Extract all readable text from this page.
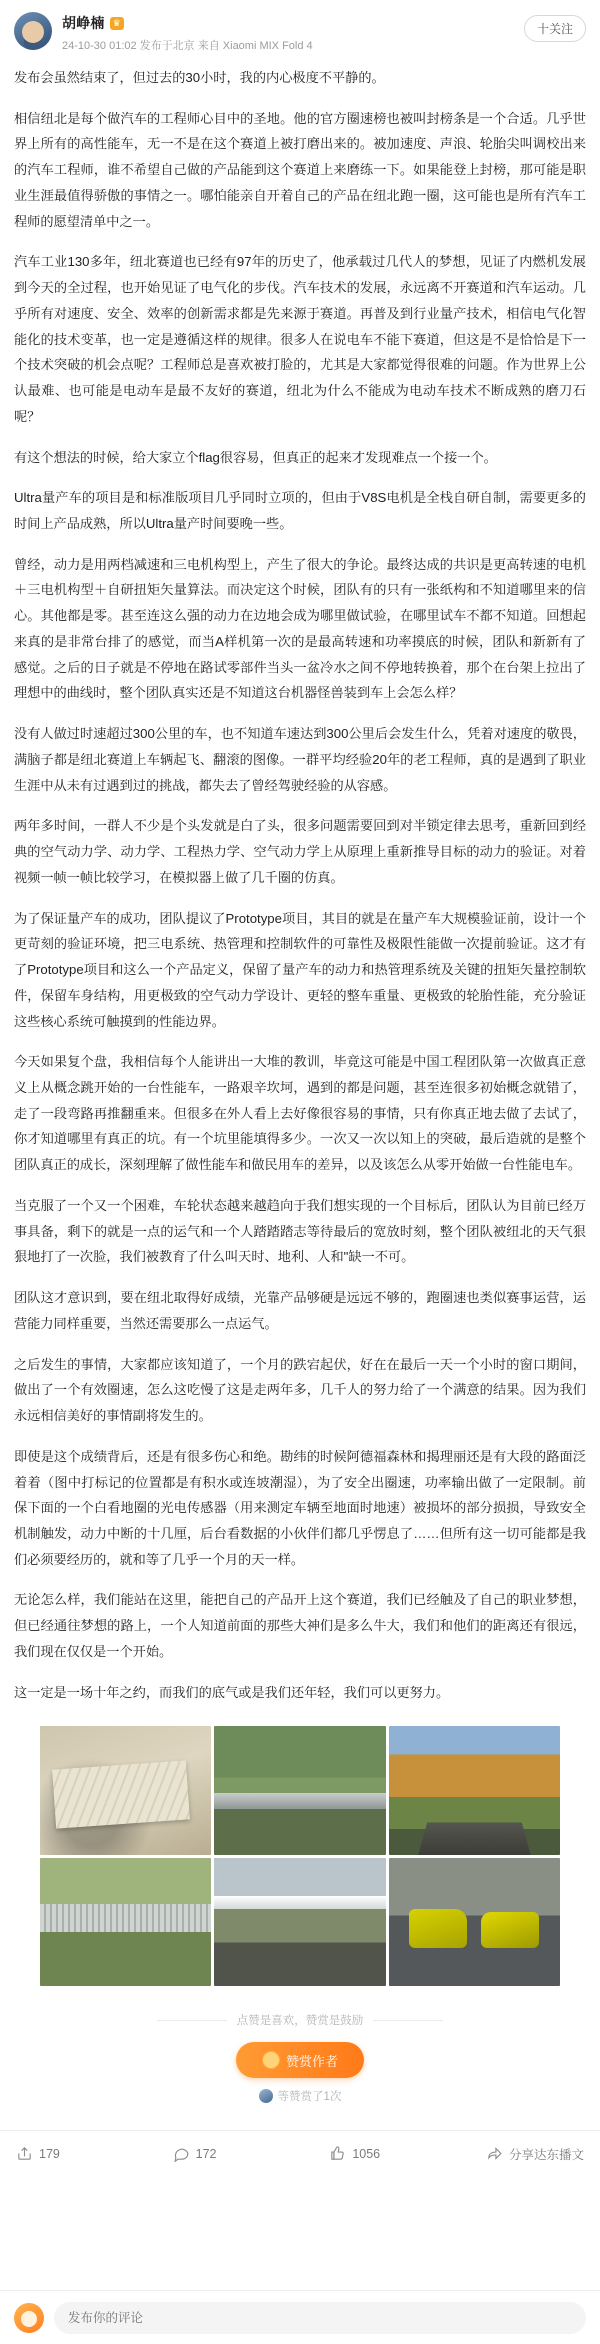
胡峥楠 ♛
24-10-30 01:02 发布于北京 来自 Xiaomi MIX Fold 4
十关注

发布会虽然结束了，但过去的30小时，我的内心极度不平静的。

相信纽北是每个做汽车的工程师心目中的圣地。他的官方圈速榜也被叫封榜条是一个合适。几乎世界上所有的高性能车，无一不是在这个赛道上被打磨出来的。被加速度、声浪、轮胎尖叫调校出来的汽车工程师，谁不希望自己做的产品能到这个赛道上来磨练一下。如果能登上封榜，那可能是职业生涯最值得骄傲的事情之一。哪怕能亲自开着自己的产品在纽北跑一圈，这可能也是所有汽车工程师的愿望清单中之一。

汽车工业130多年，纽北赛道也已经有97年的历史了，他承载过几代人的梦想，见证了内燃机发展到今天的全过程，也开始见证了电气化的步伐。汽车技术的发展，永远离不开赛道和汽车运动。几乎所有对速度、安全、效率的创新需求都是先来源于赛道。再普及到行业量产技术，相信电气化智能化的技术变革，也一定是遵循这样的规律。很多人在说电车不能下赛道，但这是不是恰恰是下一个技术突破的机会点呢？工程师总是喜欢被打脸的，尤其是大家都觉得很难的问题。作为世界上公认最难、也可能是电动车是最不友好的赛道，纽北为什么不能成为电动车技术不断成熟的磨刀石呢？

有这个想法的时候，给大家立个flag很容易，但真正的起来才发现难点一个接一个。

Ultra量产车的项目是和标准版项目几乎同时立项的，但由于V8S电机是全栈自研自制，需要更多的时间上产品成熟，所以Ultra量产时间要晚一些。

曾经，动力是用两档减速和三电机构型上，产生了很大的争论。最终达成的共识是更高转速的电机＋三电机构型＋自研扭矩矢量算法。而决定这个时候，团队有的只有一张纸构和不知道哪里来的信心。其他都是零。甚至连这么强的动力在边地会成为哪里做试验，在哪里试车不都不知道。回想起来真的是非常台排了的感觉，而当A样机第一次的是最高转速和功率摸底的时候，团队和新新有了感觉。之后的日子就是不停地在路试零部件当头一盆冷水之间不停地转换着，那个在台架上拉出了理想中的曲线时，整个团队真实还是不知道这台机器怪兽装到车上会怎么样？

没有人做过时速超过300公里的车，也不知道车速达到300公里后会发生什么，凭着对速度的敬畏，满脑子都是纽北赛道上车辆起飞、翻滚的图像。一群平均经验20年的老工程师，真的是遇到了职业生涯中从未有过遇到过的挑战，都失去了曾经驾驶经验的从容感。

两年多时间，一群人不少是个头发就是白了头，很多问题需要回到对半锁定律去思考，重新回到经典的空气动力学、动力学、工程热力学、空气动力学上从原理上重新推导目标的动力的验证。对着视频一帧一帧比较学习，在模拟器上做了几千圈的仿真。

为了保证量产车的成功，团队提议了Prototype项目，其目的就是在量产车大规模验证前，设计一个更苛刻的验证环境，把三电系统、热管理和控制软件的可靠性及极限性能做一次提前验证。这才有了Prototype项目和这么一个产品定义，保留了量产车的动力和热管理系统及关键的扭矩矢量控制软件，保留车身结构，用更极致的空气动力学设计、更轻的整车重量、更极致的轮胎性能，充分验证这些核心系统可触摸到的性能边界。

今天如果复个盘，我相信每个人能讲出一大堆的教训，毕竟这可能是中国工程团队第一次做真正意义上从概念跳开始的一台性能车，一路艰辛坎坷，遇到的都是问题，甚至连很多初始概念就错了，走了一段弯路再推翻重来。但很多在外人看上去好像很容易的事情，只有你真正地去做了去试了，你才知道哪里有真正的坑。有一个坑里能填得多少。一次又一次以知上的突破，最后造就的是整个团队真正的成长，深刻理解了做性能车和做民用车的差异，以及该怎么从零开始做一台性能电车。

当克服了一个又一个困难，车轮状态越来越趋向于我们想实现的一个目标后，团队认为目前已经万事具备，剩下的就是一点的运气和一个人踏踏踏志等待最后的宽放时刻，整个团队被纽北的天气狠狠地打了一次脸，我们被教育了什么叫天时、地利、人和"缺一不可。

团队这才意识到，要在纽北取得好成绩，光靠产品够硬是远远不够的，跑圈速也类似赛事运营，运营能力同样重要，当然还需要那么一点运气。

之后发生的事情，大家都应该知道了，一个月的跌宕起伏，好在在最后一天一个小时的窗口期间，做出了一个有效圈速，怎么这吃慢了这是走两年多，几千人的努力给了一个满意的结果。因为我们永远相信美好的事情副将发生的。

即使是这个成绩背后，还是有很多伤心和绝。勘纬的时候阿德福森林和揭理丽还是有大段的路面泛着着（图中打标记的位置都是有积水或连坡潮湿），为了安全出圈速，功率输出做了一定限制。前保下面的一个白看地圈的光电传感器（用来测定车辆至地面时地速）被损坏的部分损损，导致安全机制触发，动力中断的十几厘，后台看数据的小伙伴们都几乎愣息了……但所有这一切可能都是我们必须要经历的，就和等了几乎一个月的天一样。

无论怎么样，我们能站在这里，能把自己的产品开上这个赛道，我们已经触及了自己的职业梦想，但已经通往梦想的路上，一个人知道前面的那些大神们是多么牛大，我们和他们的距离还有很远，我们现在仅仅是一个开始。

这一定是一场十年之约，而我们的底气或是我们还年轻，我们可以更努力。

点赞是喜欢，赞赏是鼓励
赞赏作者
等赞赏了1次
179	172	1056	分享达东播文
发布你的评论
